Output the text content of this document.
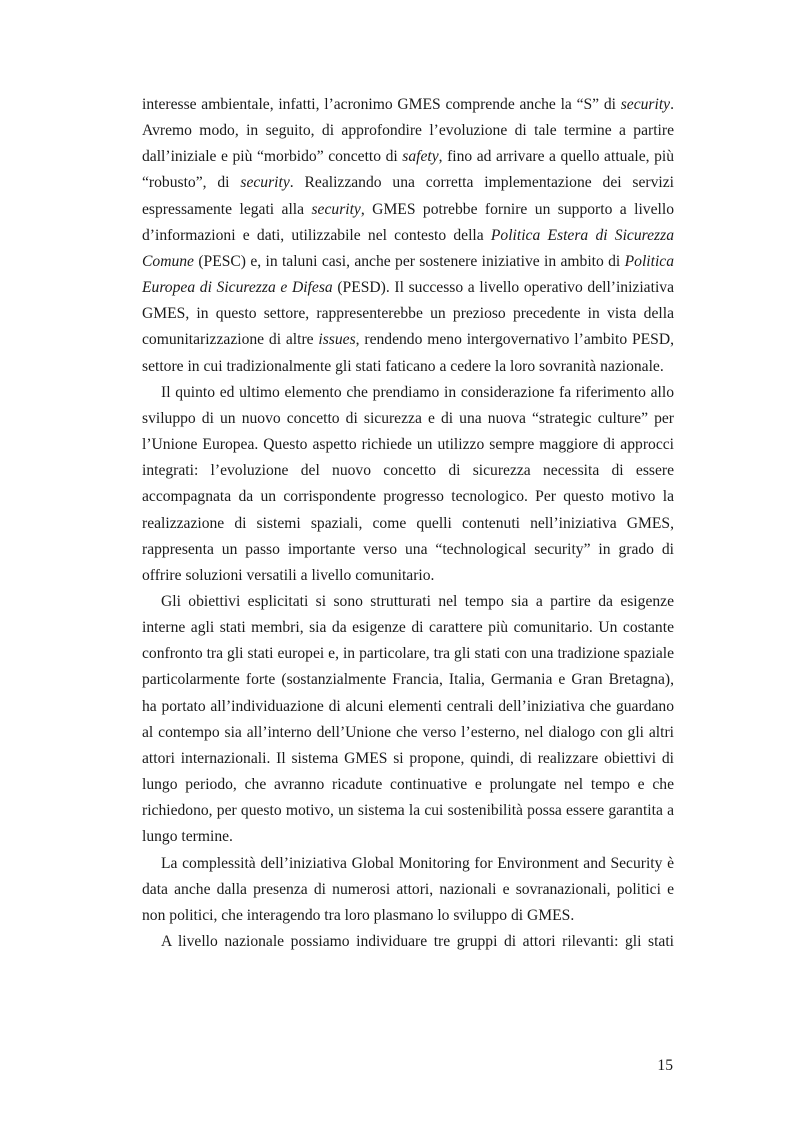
interesse ambientale, infatti, l’acronimo GMES comprende anche la “S” di security. Avremo modo, in seguito, di approfondire l’evoluzione di tale termine a partire dall’iniziale e più “morbido” concetto di safety, fino ad arrivare a quello attuale, più “robusto”, di security. Realizzando una corretta implementazione dei servizi espressamente legati alla security, GMES potrebbe fornire un supporto a livello d’informazioni e dati, utilizzabile nel contesto della Politica Estera di Sicurezza Comune (PESC) e, in taluni casi, anche per sostenere iniziative in ambito di Politica Europea di Sicurezza e Difesa (PESD). Il successo a livello operativo dell’iniziativa GMES, in questo settore, rappresenterebbe un prezioso precedente in vista della comunitarizzazione di altre issues, rendendo meno intergovernativo l’ambito PESD, settore in cui tradizionalmente gli stati faticano a cedere la loro sovranità nazionale.

Il quinto ed ultimo elemento che prendiamo in considerazione fa riferimento allo sviluppo di un nuovo concetto di sicurezza e di una nuova “strategic culture” per l’Unione Europea. Questo aspetto richiede un utilizzo sempre maggiore di approcci integrati: l’evoluzione del nuovo concetto di sicurezza necessita di essere accompagnata da un corrispondente progresso tecnologico. Per questo motivo la realizzazione di sistemi spaziali, come quelli contenuti nell’iniziativa GMES, rappresenta un passo importante verso una “technological security” in grado di offrire soluzioni versatili a livello comunitario.

Gli obiettivi esplicitati si sono strutturati nel tempo sia a partire da esigenze interne agli stati membri, sia da esigenze di carattere più comunitario. Un costante confronto tra gli stati europei e, in particolare, tra gli stati con una tradizione spaziale particolarmente forte (sostanzialmente Francia, Italia, Germania e Gran Bretagna), ha portato all’individuazione di alcuni elementi centrali dell’iniziativa che guardano al contempo sia all’interno dell’Unione che verso l’esterno, nel dialogo con gli altri attori internazionali. Il sistema GMES si propone, quindi, di realizzare obiettivi di lungo periodo, che avranno ricadute continuative e prolungate nel tempo e che richiedono, per questo motivo, un sistema la cui sostenibilità possa essere garantita a lungo termine.

La complessità dell’iniziativa Global Monitoring for Environment and Security è data anche dalla presenza di numerosi attori, nazionali e sovranazionali, politici e non politici, che interagendo tra loro plasmano lo sviluppo di GMES.

A livello nazionale possiamo individuare tre gruppi di attori rilevanti: gli stati

15
